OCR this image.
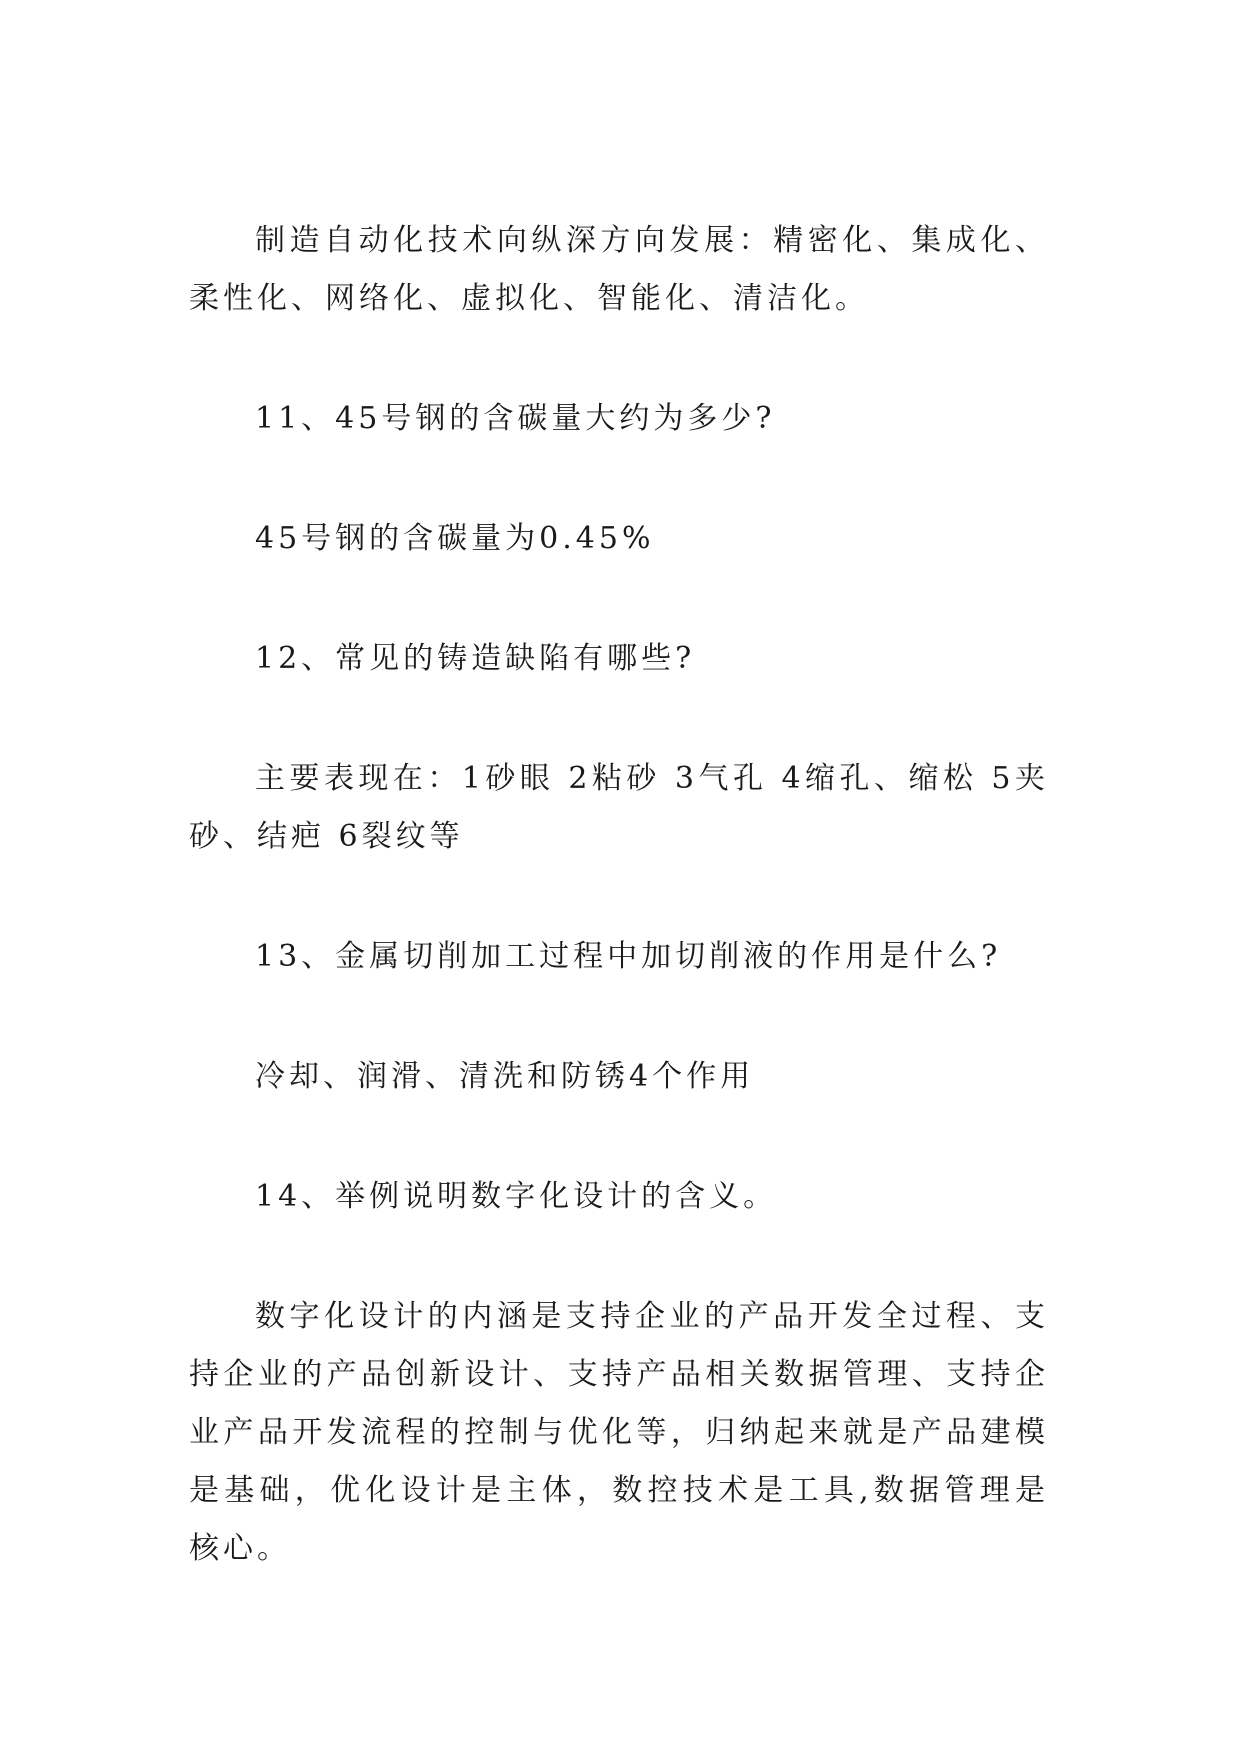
制造自动化技术向纵深方向发展：精密化、集成化、柔性化、网络化、虚拟化、智能化、清洁化。

11、45号钢的含碳量大约为多少?

45号钢的含碳量为0.45%

12、常见的铸造缺陷有哪些?

主要表现在：1砂眼 2粘砂 3气孔 4缩孔、缩松 5夹砂、结疤 6裂纹等

13、金属切削加工过程中加切削液的作用是什么?

冷却、润滑、清洗和防锈4个作用

14、举例说明数字化设计的含义。

数字化设计的内涵是支持企业的产品开发全过程、支持企业的产品创新设计、支持产品相关数据管理、支持企业产品开发流程的控制与优化等，归纳起来就是产品建模是基础，优化设计是主体，数控技术是工具,数据管理是核心。
